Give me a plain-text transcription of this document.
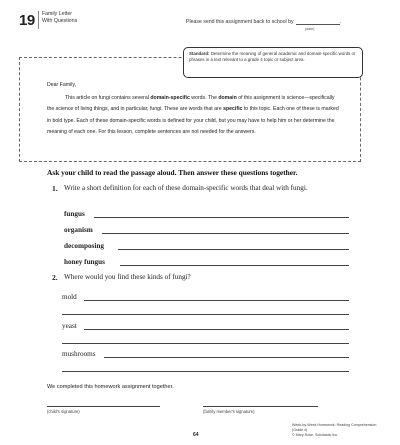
19 Family Letter
With Questions	Please send this assignment back to school by	.
(date)
Standard: Determine the meaning of general academic and domain-specific words or phrases in a text relevant to a grade 4 topic or subject area.
Dear Family,

This article on fungi contains several domain-specific words. The domain of this assignment is science—specifically the science of living things, and in particular, fungi. These are words that are specific to this topic. Each one of these is marked in bold type. Each of these domain-specific words is defined for your child, but you may have to help him or her determine the meaning of each one. For this lesson, complete sentences are not needed for the answers.

Ask your child to read the passage aloud. Then answer these questions together.
1. Write a short definition for each of these domain-specific words that deal with fungi.
fungus
organism
decomposing
honey fungus
2. Where would you find these kinds of fungi?
mold
yeast
mushrooms
We completed this homework assignment together.
(child's signature)	(family member's signature)
64
Week-by-Week Homework: Reading Comprehension (Grade 4)
© Mary Rose, Scholastic Inc.
